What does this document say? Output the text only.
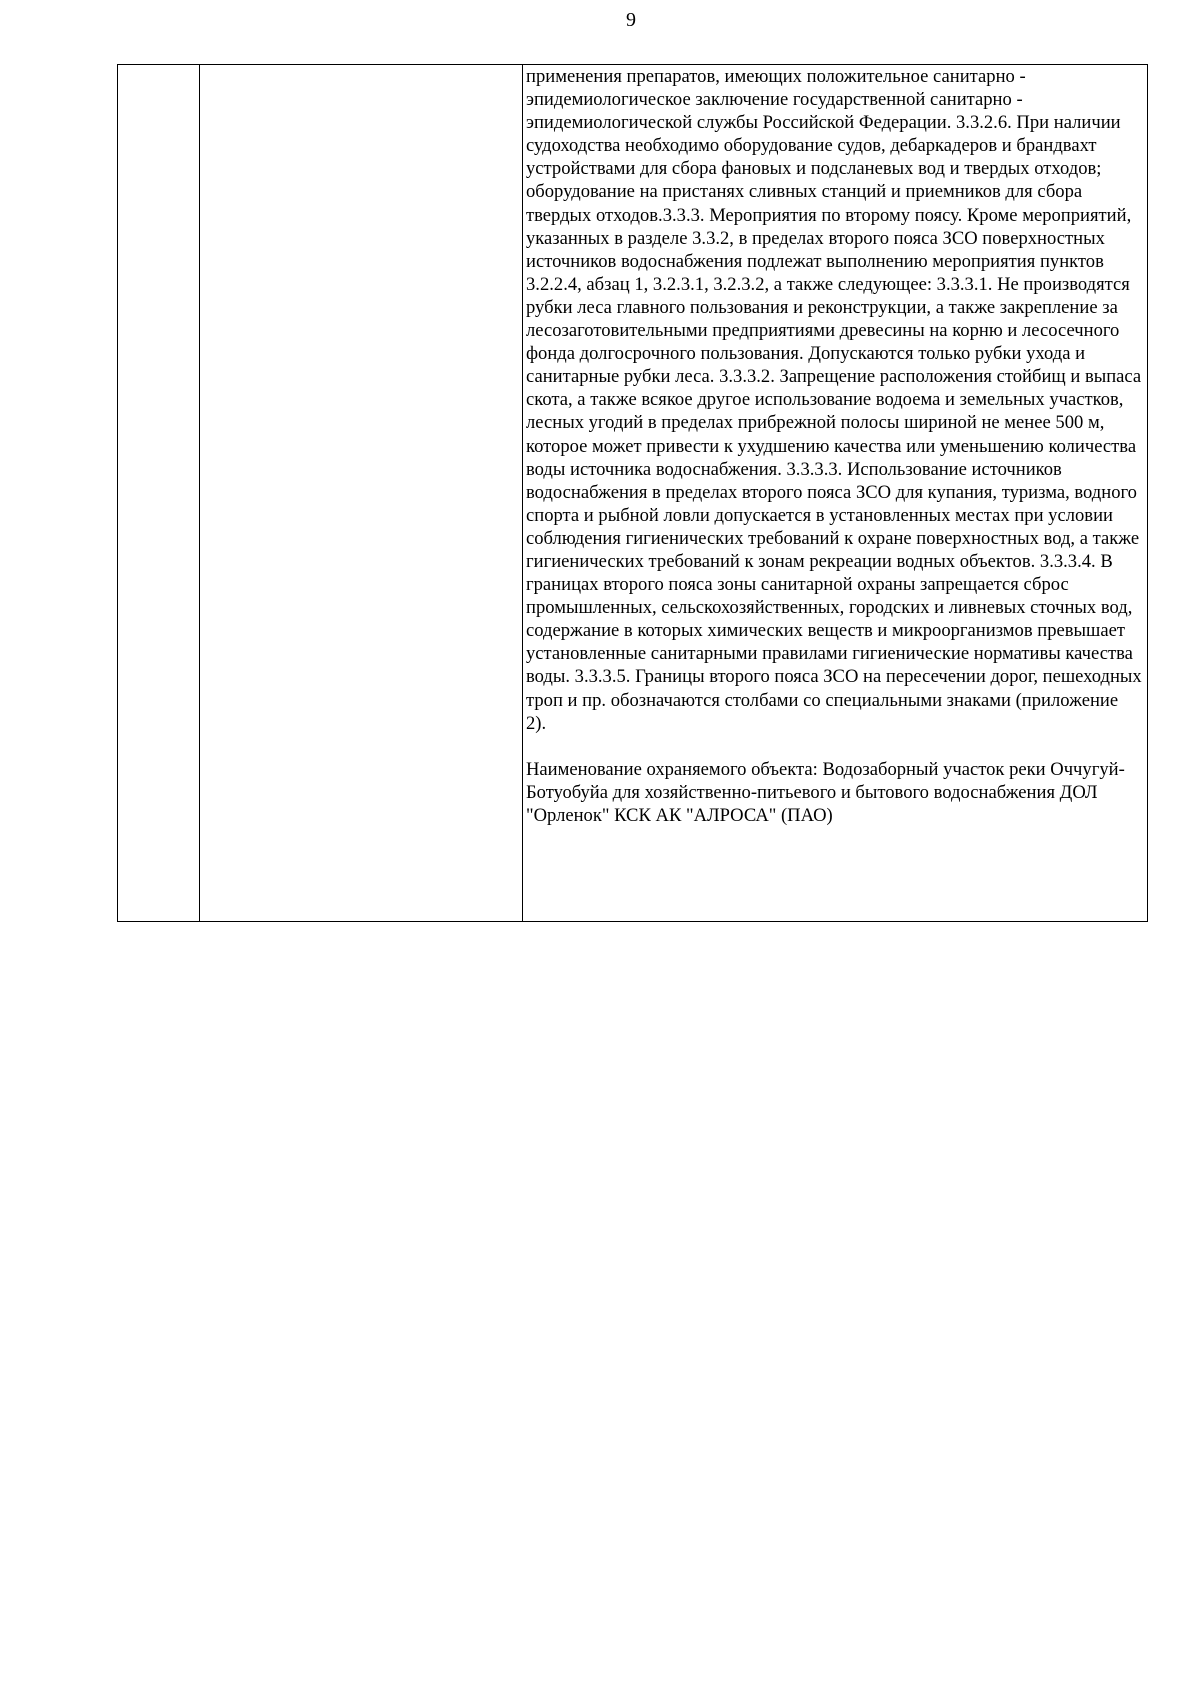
9

применения препаратов, имеющих положительное санитарно - эпидемиологическое заключение государственной санитарно - эпидемиологической службы Российской Федерации. 3.3.2.6. При наличии судоходства необходимо оборудование судов, дебаркадеров и брандвахт устройствами для сбора фановых и подсланевых вод и твердых отходов; оборудование на пристанях сливных станций и приемников для сбора твердых отходов.3.3.3. Мероприятия по второму поясу. Кроме мероприятий, указанных в разделе 3.3.2, в пределах второго пояса ЗСО поверхностных источников водоснабжения подлежат выполнению мероприятия пунктов 3.2.2.4, абзац 1, 3.2.3.1, 3.2.3.2, а также следующее: 3.3.3.1. Не производятся рубки леса главного пользования и реконструкции, а также закрепление за лесозаготовительными предприятиями древесины на корню и лесосечного фонда долгосрочного пользования. Допускаются только рубки ухода и санитарные рубки леса. 3.3.3.2. Запрещение расположения стойбищ и выпаса скота, а также всякое другое использование водоема и земельных участков, лесных угодий в пределах прибрежной полосы шириной не менее 500 м, которое может привести к ухудшению качества или уменьшению количества воды источника водоснабжения. 3.3.3.3. Использование источников водоснабжения в пределах второго пояса ЗСО для купания, туризма, водного спорта и рыбной ловли допускается в установленных местах при условии соблюдения гигиенических требований к охране поверхностных вод, а также гигиенических требований к зонам рекреации водных объектов. 3.3.3.4. В границах второго пояса зоны санитарной охраны запрещается сброс промышленных, сельскохозяйственных, городских и ливневых сточных вод, содержание в которых химических веществ и микроорганизмов превышает установленные санитарными правилами гигиенические нормативы качества воды. 3.3.3.5. Границы второго пояса ЗСО на пересечении дорог, пешеходных троп и пр. обозначаются столбами со специальными знаками (приложение 2).

Наименование охраняемого объекта: Водозаборный участок реки Оччугуй-Ботуобуйа для хозяйственно-питьевого и бытового водоснабжения ДОЛ "Орленок" КСК АК "АЛРОСА" (ПАО)
